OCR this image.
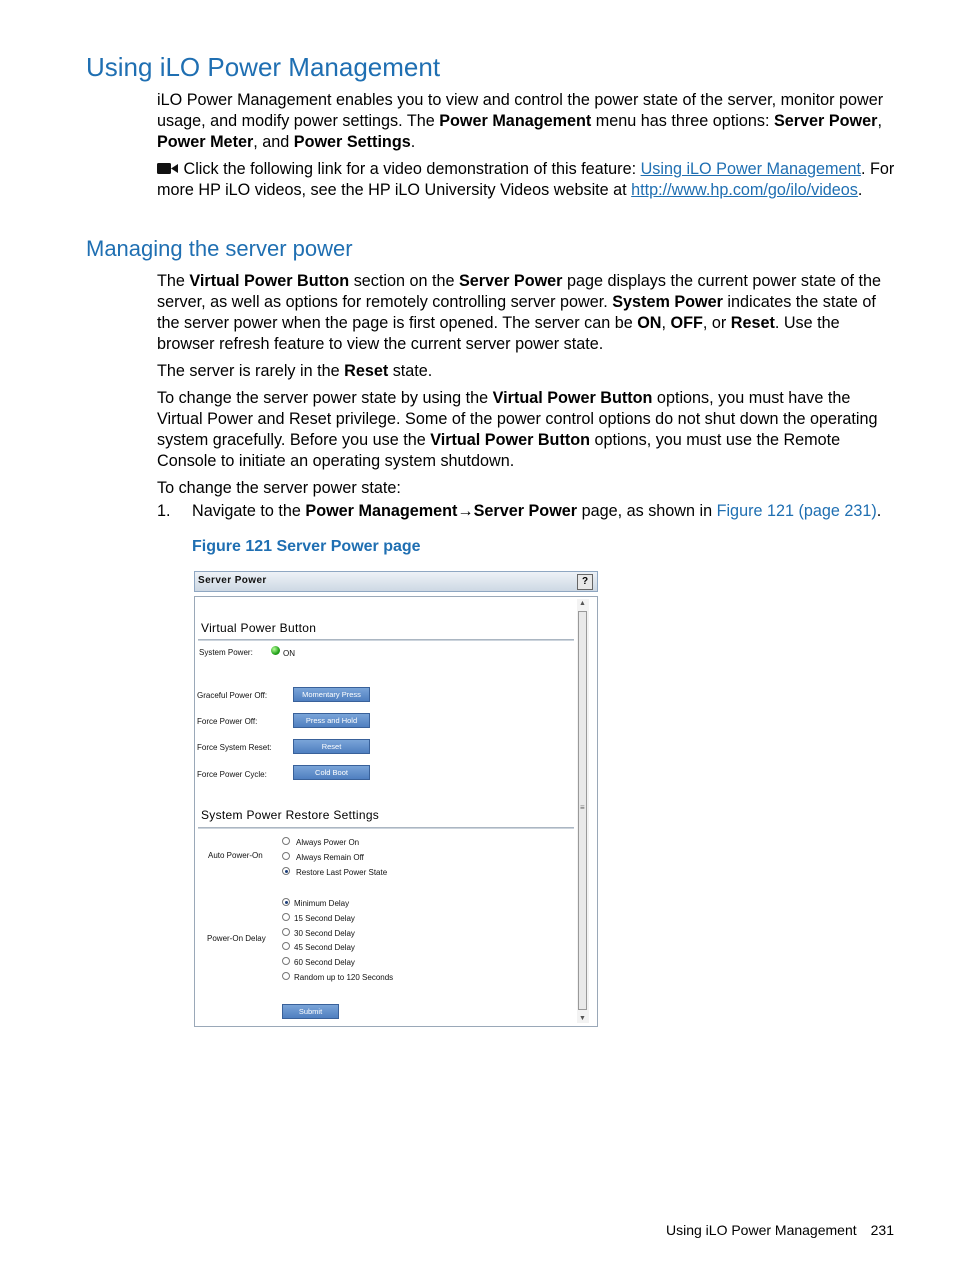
Using iLO Power Management

iLO Power Management enables you to view and control the power state of the server, monitor power usage, and modify power settings. The Power Management menu has three options: Server Power, Power Meter, and Power Settings.

Click the following link for a video demonstration of this feature: Using iLO Power Management. For more HP iLO videos, see the HP iLO University Videos website at http://www.hp.com/go/ilo/videos.

Managing the server power

The Virtual Power Button section on the Server Power page displays the current power state of the server, as well as options for remotely controlling server power. System Power indicates the state of the server power when the page is first opened. The server can be ON, OFF, or Reset. Use the browser refresh feature to view the current server power state.

The server is rarely in the Reset state.

To change the server power state by using the Virtual Power Button options, you must have the Virtual Power and Reset privilege. Some of the power control options do not shut down the operating system gracefully. Before you use the Virtual Power Button options, you must use the Remote Console to initiate an operating system shutdown.

To change the server power state:

1. Navigate to the Power Management→Server Power page, as shown in Figure 121 (page 231).

Figure 121 Server Power page
Server Power	?
Virtual Power Button
System Power:	ON
Graceful Power Off:	Momentary Press
Force Power Off:	Press and Hold
Force System Reset:	Reset
Force Power Cycle:	Cold Boot
System Power Restore Settings
Auto Power-On
Always Power On
Always Remain Off
Restore Last Power State
Power-On Delay
Minimum Delay
15 Second Delay
30 Second Delay
45 Second Delay
60 Second Delay
Random up to 120 Seconds
Submit
▲
≡
▼
Using iLO Power Management 231
